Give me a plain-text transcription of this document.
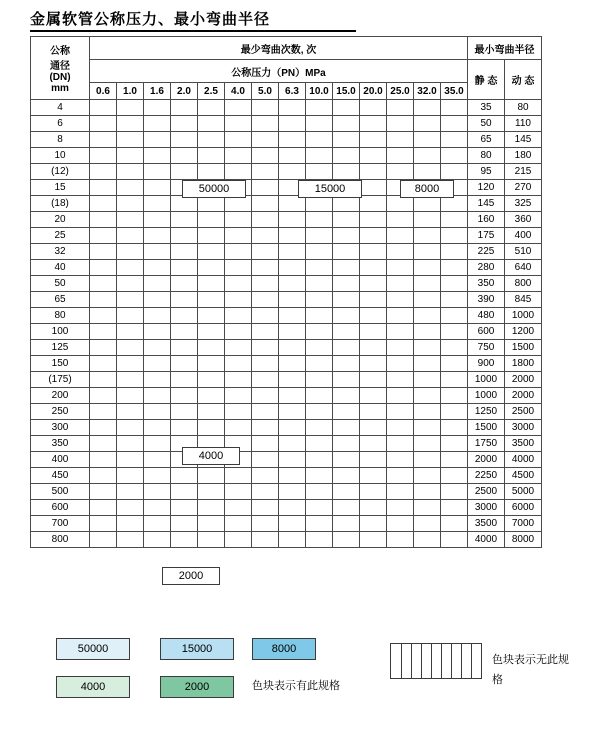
金属软管公称压力、最小弯曲半径
公称
通径
(DN)
mm	最少弯曲次数, 次														最小弯曲半径	
	公称压力（PN）MPa														静 态	动 态
	0.6	1.0	1.6	2.0	2.5	4.0	5.0	6.3	10.0	15.0	20.0	25.0	32.0	35.0		
4															35	80
6															50	110
8															65	145
10															80	180
(12)															95	215
15															120	270
(18)															145	325
20															160	360
25															175	400
32															225	510
40															280	640
50															350	800
65															390	845
80															480	1000
100															600	1200
125															750	1500
150															900	1800
(175)															1000	2000
200															1000	2000
250															1250	2500
300															1500	3000
350															1750	3500
400															2000	4000
450															2250	4500
500															2500	5000
600															3000	6000
700															3500	7000
800															4000	8000
50000	15000	8000
4000
2000
50000	15000	8000
4000	2000	色块表示有此规格
色块表示无此规格
